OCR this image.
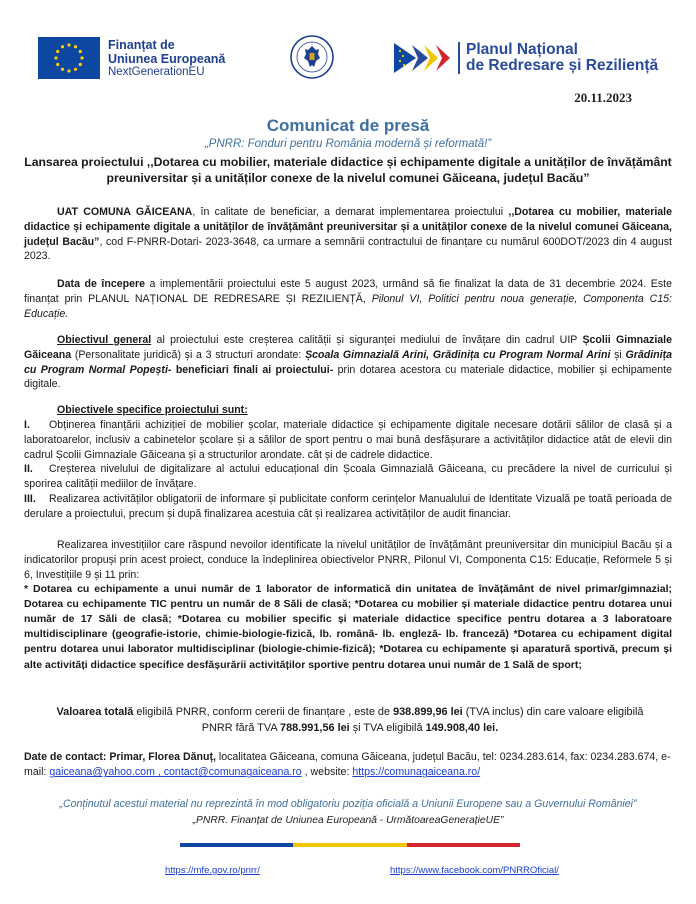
Finanțat de
Uniunea Europeană
NextGenerationEU
Planul Național
de Redresare și Reziliență
20.11.2023
Comunicat de presă
„PNRR: Fonduri pentru România modernă și reformată!”
Lansarea proiectului ,,Dotarea cu mobilier, materiale didactice și echipamente digitale a unităților de învățământ preuniversitar și a unităților conexe de la nivelul comunei Găiceana, județul Bacău”
UAT COMUNA GĂICEANA, în calitate de beneficiar, a demarat implementarea proiectului ,,Dotarea cu mobilier, materiale didactice și echipamente digitale a unităților de învățământ preuniversitar și a unităților conexe de la nivelul comunei Găiceana, județul Bacău”, cod F-PNRR-Dotari- 2023-3648, ca urmare a semnării contractului de finanțare cu numărul 600DOT/2023 din 4 august 2023.
Data de începere a implementării proiectului este 5 august 2023, urmând să fie finalizat la data de 31 decembrie 2024. Este finanțat prin PLANUL NAȚIONAL DE REDRESARE ȘI REZILIENȚĂ, Pilonul VI, Politici pentru noua generație, Componenta C15: Educație.
Obiectivul general al proiectului este creșterea calității și siguranței mediului de învățare din cadrul UIP Școlii Gimnaziale Găiceana (Personalitate juridică) și a 3 structuri arondate: Școala Gimnazială Arini, Grădinița cu Program Normal Arini și Grădinița cu Program Normal Popești- beneficiari finali ai proiectului- prin dotarea acestora cu materiale didactice, mobilier și echipamente digitale.
Obiectivele specifice proiectului sunt:
I.	Obținerea finanțării achiziției de mobilier școlar, materiale didactice și echipamente digitale necesare dotării sălilor de clasă și a laboratoarelor, inclusiv a cabinetelor școlare și a sălilor de sport pentru o mai bună desfășurare a activităților didactice atât de elevii din cadrul Școlii Gimnaziale Găiceana și a structurilor arondate. cât și de cadrele didactice.
II.	Creșterea nivelului de digitalizare al actului educațional din Școala Gimnazială Găiceana, cu precădere la nivel de curricului și sporirea calității mediilor de învățare.
III.	Realizarea activităților obligatorii de informare și publicitate conform cerințelor Manualului de Identitate Vizuală pe toată perioada de derulare a proiectului, precum și după finalizarea acestuia cât și realizarea activităților de audit financiar.
Realizarea investițiilor care răspund nevoilor identificate la nivelul unităților de învățământ preuniversitar din municipiul Bacău și a indicatorilor propuși prin acest proiect, conduce la îndeplinirea obiectivelor PNRR, Pilonul VI, Componenta C15: Educație, Reformele 5 și 6, Investițiile 9 și 11 prin:
* Dotarea cu echipamente a unui număr de 1 laborator de informatică din unitatea de învățământ de nivel primar/gimnazial; Dotarea cu echipamente TIC pentru un număr de 8 Săli de clasă; *Dotarea cu mobilier și materiale didactice pentru dotarea unui număr de 17 Săli de clasă; *Dotarea cu mobilier specific și materiale didactice specifice pentru dotarea a 3 laboratoare multidisciplinare (geografie-istorie, chimie-biologie-fizică, lb. română- lb. engleză- lb. franceză) *Dotarea cu echipament digital pentru dotarea unui laborator multidisciplinar (biologie-chimie-fizică); *Dotarea cu echipamente și aparatură sportivă, precum și alte activități didactice specifice desfășurării activităților sportive pentru dotarea unui număr de 1 Sală de sport;
Valoarea totală eligibilă PNRR, conform cererii de finanțare , este de 938.899,96 lei (TVA inclus) din care valoare eligibilă PNRR fără TVA 788.991,56 lei și TVA eligibilă 149.908,40 lei.
Date de contact: Primar, Florea Dănuț, localitatea Găiceana, comuna Găiceana, județul Bacău, tel: 0234.283.614, fax: 0234.283.674, e-mail: gaiceana@yahoo.com , contact@comunagaiceana.ro , website: https://comunagaiceana.ro/
„Conținutul acestui material nu reprezintă în mod obligatoriu poziția oficială a Uniunii Europene sau a Guvernului României”
„PNRR. Finanțat de Uniunea Europeană - UrmătoareaGenerațieUE”
https://mfe.gov.ro/pnrr/	https://www.facebook.com/PNRROficial/
